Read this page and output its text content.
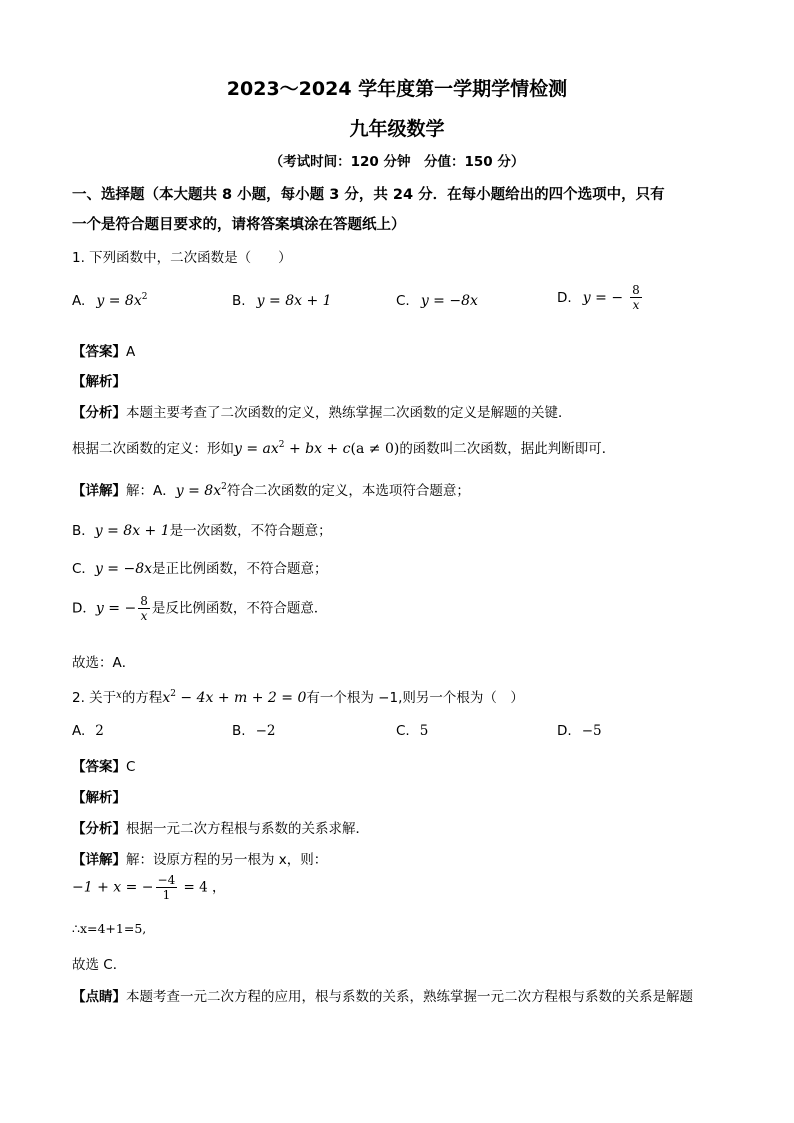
2023～2024 学年度第一学期学情检测
九年级数学
（考试时间：120 分钟　分值：150 分）
一、选择题（本大题共 8 小题，每小题 3 分，共 24 分．在每小题给出的四个选项中，只有
一个是符合题目要求的，请将答案填涂在答题纸上）
1. 下列函数中，二次函数是（　　）
A. $y = 8x^2$	B. y = 8x + 1	C. y = −8x	D. y = − $\frac{8}{x}$
【答案】A
【解析】
【分析】本题主要考查了二次函数的定义，熟练掌握二次函数的定义是解题的关键．
根据二次函数的定义：形如$y = ax^2$ + bx + c(a ≠ 0)的函数叫二次函数，据此判断即可．
【详解】解：A．$y = 8x^2$符合二次函数的定义，本选项符合题意；
B．y = 8x + 1是一次函数，不符合题意；
C．y = −8x是正比例函数，不符合题意；
D．y = − $\frac{8}{x}$ 是反比例函数，不符合题意．
故选：A．
2. 关于$^x$的方程$x^2 - 4x + m + 2 = 0$有一个根为 −1,则另一个根为（　）
A. 2	B. −2	C. 5	D. −5
【答案】C
【解析】
【分析】根据一元二次方程根与系数的关系求解．
【详解】解：设原方程的另一根为 x，则：
−1 + x = − $\frac{-4}{1} = 4$ ，
∴x=4+1=5,
故选 C．
【点睛】本题考查一元二次方程的应用，根与系数的关系，熟练掌握一元二次方程根与系数的关系是解题
